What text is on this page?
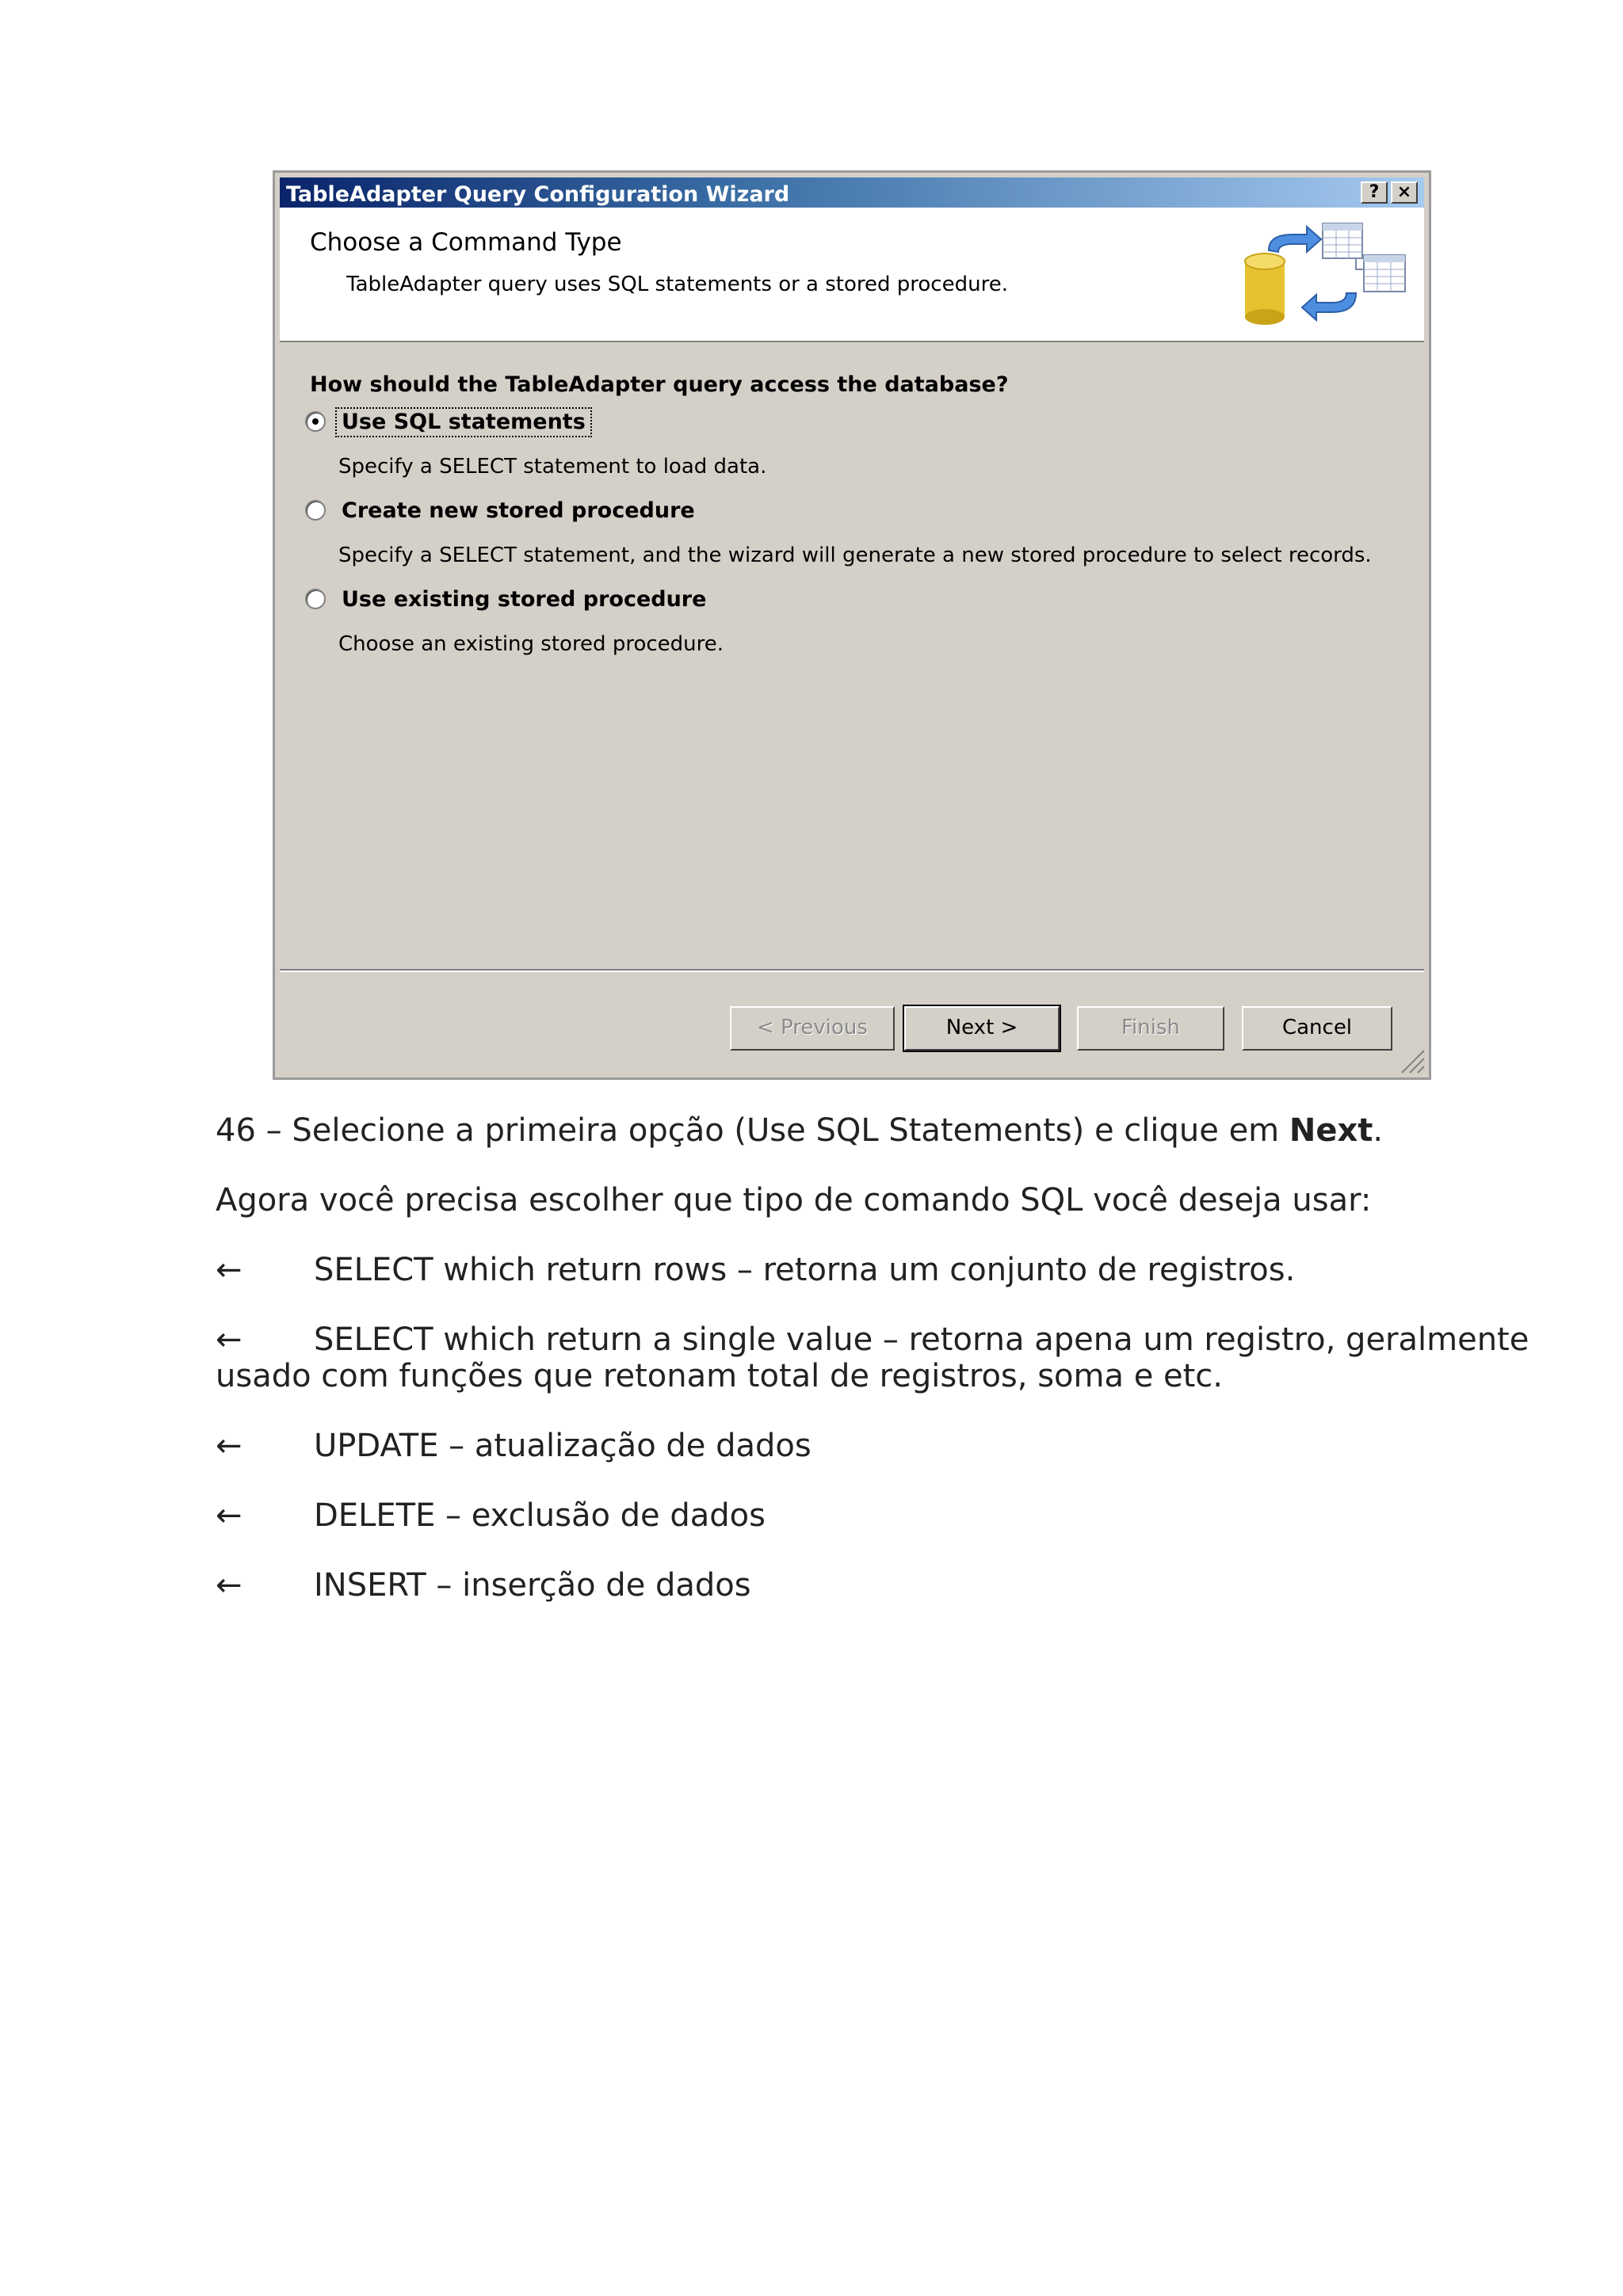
TableAdapter Query Configuration Wizard	?	×
Choose a Command Type
TableAdapter query uses SQL statements or a stored procedure.
How should the TableAdapter query access the database?
Use SQL statements
Specify a SELECT statement to load data.
Create new stored procedure
Specify a SELECT statement, and the wizard will generate a new stored procedure to select records.
Use existing stored procedure
Choose an existing stored procedure.
< Previous	Next >	Finish	Cancel
46 – Selecione a primeira opção (Use SQL Statements) e clique em Next.
Agora você precisa escolher que tipo de comando SQL você deseja usar:
←	SELECT which return rows – retorna um conjunto de registros.
←	SELECT which return a single value – retorna apena um registro, geralmente usado com funções que retonam total de registros, soma e etc.
←	UPDATE – atualização de dados
←	DELETE – exclusão de dados
←	INSERT – inserção de dados
